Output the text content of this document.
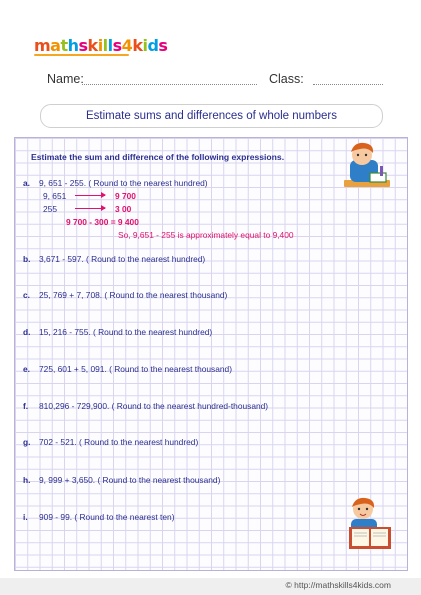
mathskills4kids
Name:	Class:
Estimate sums and differences of whole numbers
Estimate the sum and difference of the following expressions.
a. 9, 651 - 255. ( Round to the nearest hundred)
9, 651	9 700
255	3 00
9 700 - 300 = 9 400
So, 9,651 - 255 is approximately equal to 9,400
b. 3,671 - 597. ( Round to the nearest hundred)
c. 25, 769 + 7, 708. ( Round to the nearest thousand)
d. 15, 216 - 755. ( Round to the nearest hundred)
e. 725, 601 + 5, 091. ( Round to the nearest thousand)
f. 810,296 - 729,900. ( Round to the nearest hundred-thousand)
g. 702 - 521. ( Round to the nearest hundred)
h. 9, 999 + 3,650. ( Round to the nearest thousand)
i. 909 - 99. ( Round to the nearest ten)
© http://mathskills4kids.com
